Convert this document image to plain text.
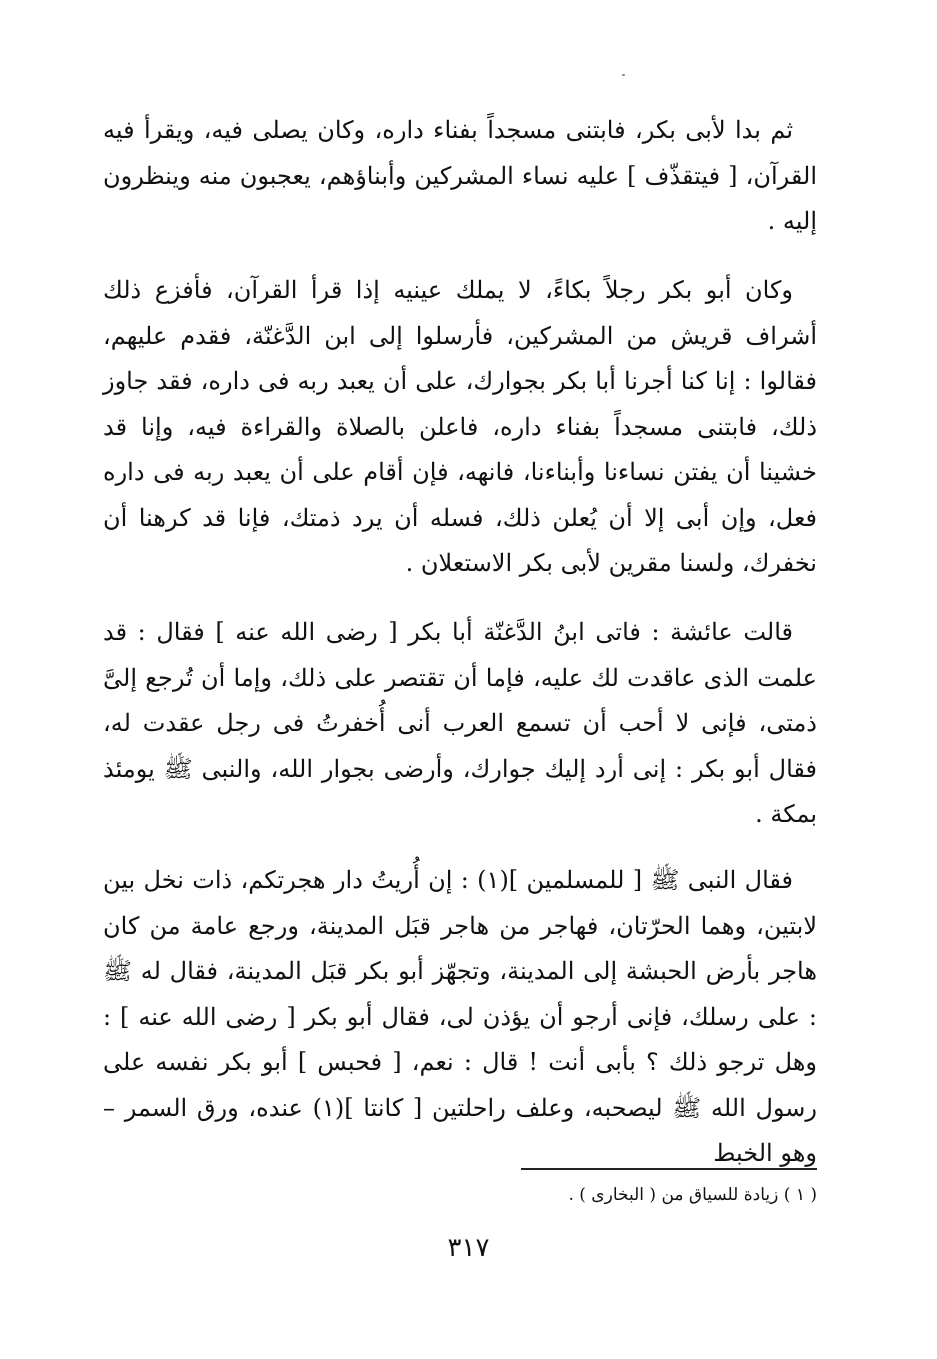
ثم بدا لأبى بكر، فابتنى مسجداً بفناء داره، وكان يصلى فيه، ويقرأ فيه القرآن، [ فيتقذّف ] عليه نساء المشركين وأبناؤهم، يعجبون منه وينظرون إليه .

وكان أبو بكر رجلاً بكاءً، لا يملك عينيه إذا قرأ القرآن، فأفزع ذلك أشراف قريش من المشركين، فأرسلوا إلى ابن الدَّغنّة، فقدم عليهم، فقالوا : إنا كنا أجرنا أبا بكر بجوارك، على أن يعبد ربه فى داره، فقد جاوز ذلك، فابتنى مسجداً بفناء داره، فاعلن بالصلاة والقراءة فيه، وإنا قد خشينا أن يفتن نساءنا وأبناءنا، فانهه، فإن أقام على أن يعبد ربه فى داره فعل، وإن أبى إلا أن يُعلن ذلك، فسله أن يرد ذمتك، فإنا قد كرهنا أن نخفرك، ولسنا مقرين لأبى بكر الاستعلان .

قالت عائشة : فاتى ابنُ الدَّغنّة أبا بكر [ رضى الله عنه ] فقال : قد علمت الذى عاقدت لك عليه، فإما أن تقتصر على ذلك، وإما أن تُرجع إلىَّ ذمتى، فإنى لا أحب أن تسمع العرب أنى أُخفرتُ فى رجل عقدت له، فقال أبو بكر : إنى أرد إليك جوارك، وأرضى بجوار الله، والنبى ﷺ يومئذ بمكة .

فقال النبى ﷺ [ للمسلمين ](١) : إن أُريتُ دار هجرتكم، ذات نخل بين لابتين، وهما الحرّتان، فهاجر من هاجر قبَل المدينة، ورجع عامة من كان هاجر بأرض الحبشة إلى المدينة، وتجهّز أبو بكر قبَل المدينة، فقال له ﷺ : على رسلك، فإنى أرجو أن يؤذن لى، فقال أبو بكر [ رضى الله عنه ] : وهل ترجو ذلك ؟ بأبى أنت ! قال : نعم، [ فحبس ] أبو بكر نفسه على رسول الله ﷺ ليصحبه، وعلف راحلتين [ كانتا ](١) عنده، ورق السمر – وهو الخبط

( ١ ) زيادة للسياق من ( البخارى ) .
٣١٧
